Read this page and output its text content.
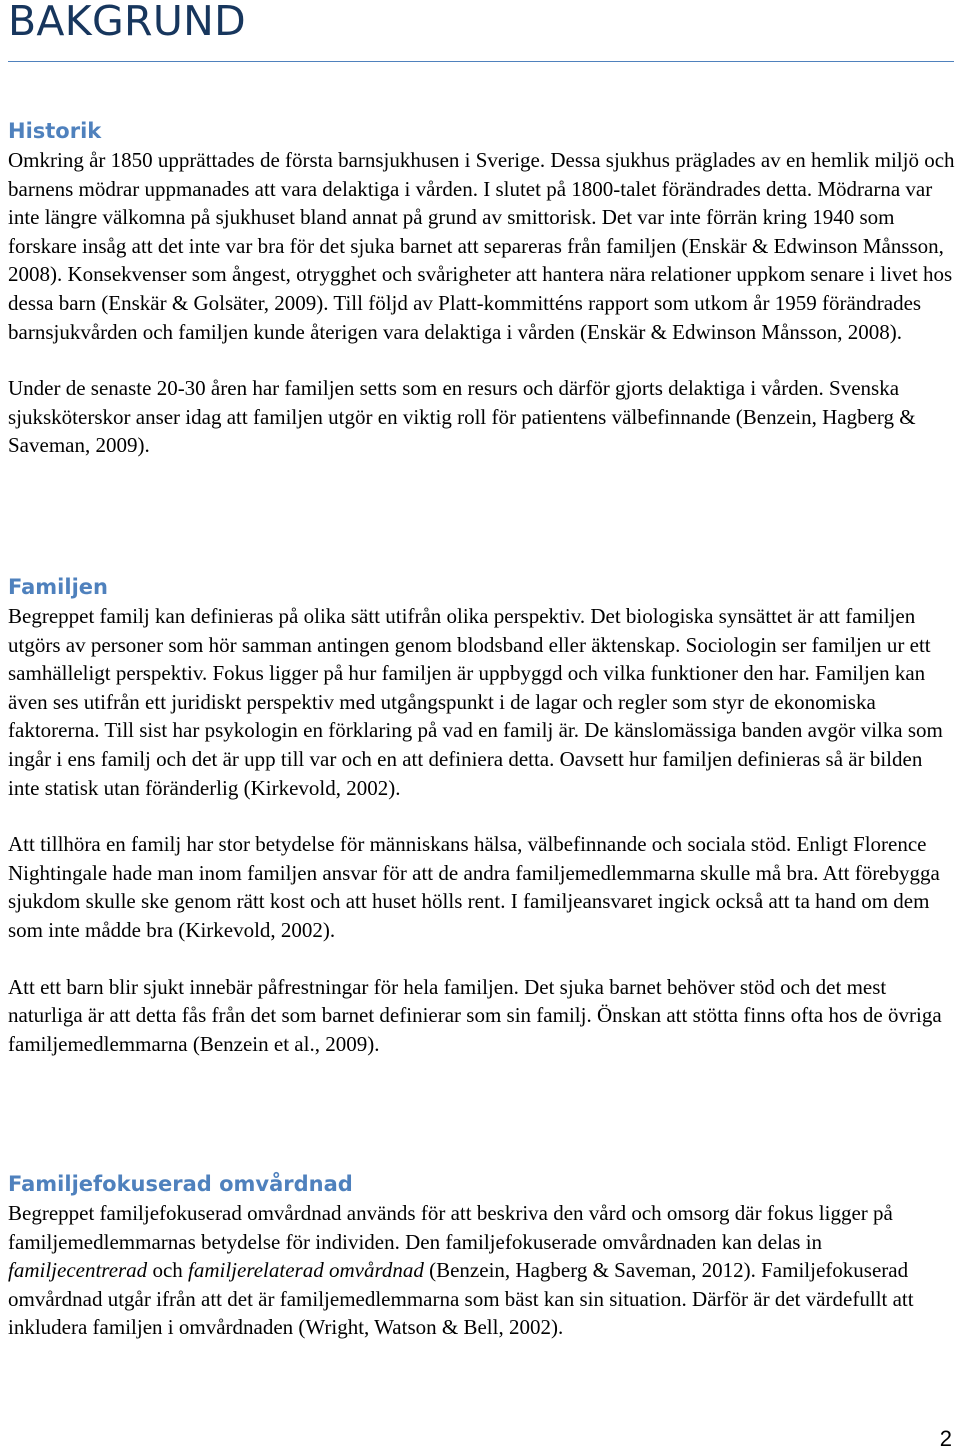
BAKGRUND
Historik

Omkring år 1850 upprättades de första barnsjukhusen i Sverige. Dessa sjukhus präglades av en hemlik miljö och barnens mödrar uppmanades att vara delaktiga i vården. I slutet på 1800-talet förändrades detta. Mödrarna var inte längre välkomna på sjukhuset bland annat på grund av smittorisk. Det var inte förrän kring 1940 som forskare insåg att det inte var bra för det sjuka barnet att separeras från familjen (Enskär & Edwinson Månsson, 2008). Konsekvenser som ångest, otrygghet och svårigheter att hantera nära relationer uppkom senare i livet hos dessa barn (Enskär & Golsäter, 2009). Till följd av Platt-kommitténs rapport som utkom år 1959 förändrades barnsjukvården och familjen kunde återigen vara delaktiga i vården (Enskär & Edwinson Månsson, 2008).

Under de senaste 20-30 åren har familjen setts som en resurs och därför gjorts delaktiga i vården. Svenska sjuksköterskor anser idag att familjen utgör en viktig roll för patientens välbefinnande (Benzein, Hagberg & Saveman, 2009).

Familjen

Begreppet familj kan definieras på olika sätt utifrån olika perspektiv. Det biologiska synsättet är att familjen utgörs av personer som hör samman antingen genom blodsband eller äktenskap. Sociologin ser familjen ur ett samhälleligt perspektiv. Fokus ligger på hur familjen är uppbyggd och vilka funktioner den har. Familjen kan även ses utifrån ett juridiskt perspektiv med utgångspunkt i de lagar och regler som styr de ekonomiska faktorerna. Till sist har psykologin en förklaring på vad en familj är. De känslomässiga banden avgör vilka som ingår i ens familj och det är upp till var och en att definiera detta. Oavsett hur familjen definieras så är bilden inte statisk utan föränderlig (Kirkevold, 2002).

Att tillhöra en familj har stor betydelse för människans hälsa, välbefinnande och sociala stöd. Enligt Florence Nightingale hade man inom familjen ansvar för att de andra familjemedlemmarna skulle må bra. Att förebygga sjukdom skulle ske genom rätt kost och att huset hölls rent. I familjeansvaret ingick också att ta hand om dem som inte mådde bra (Kirkevold, 2002).

Att ett barn blir sjukt innebär påfrestningar för hela familjen. Det sjuka barnet behöver stöd och det mest naturliga är att detta fås från det som barnet definierar som sin familj. Önskan att stötta finns ofta hos de övriga familjemedlemmarna (Benzein et al., 2009).

Familjefokuserad omvårdnad

Begreppet familjefokuserad omvårdnad används för att beskriva den vård och omsorg där fokus ligger på familjemedlemmarnas betydelse för individen. Den familjefokuserade omvårdnaden kan delas in familjecentrerad och familjerelaterad omvårdnad (Benzein, Hagberg & Saveman, 2012). Familjefokuserad omvårdnad utgår ifrån att det är familjemedlemmarna som bäst kan sin situation. Därför är det värdefullt att inkludera familjen i omvårdnaden (Wright, Watson & Bell, 2002).

2
